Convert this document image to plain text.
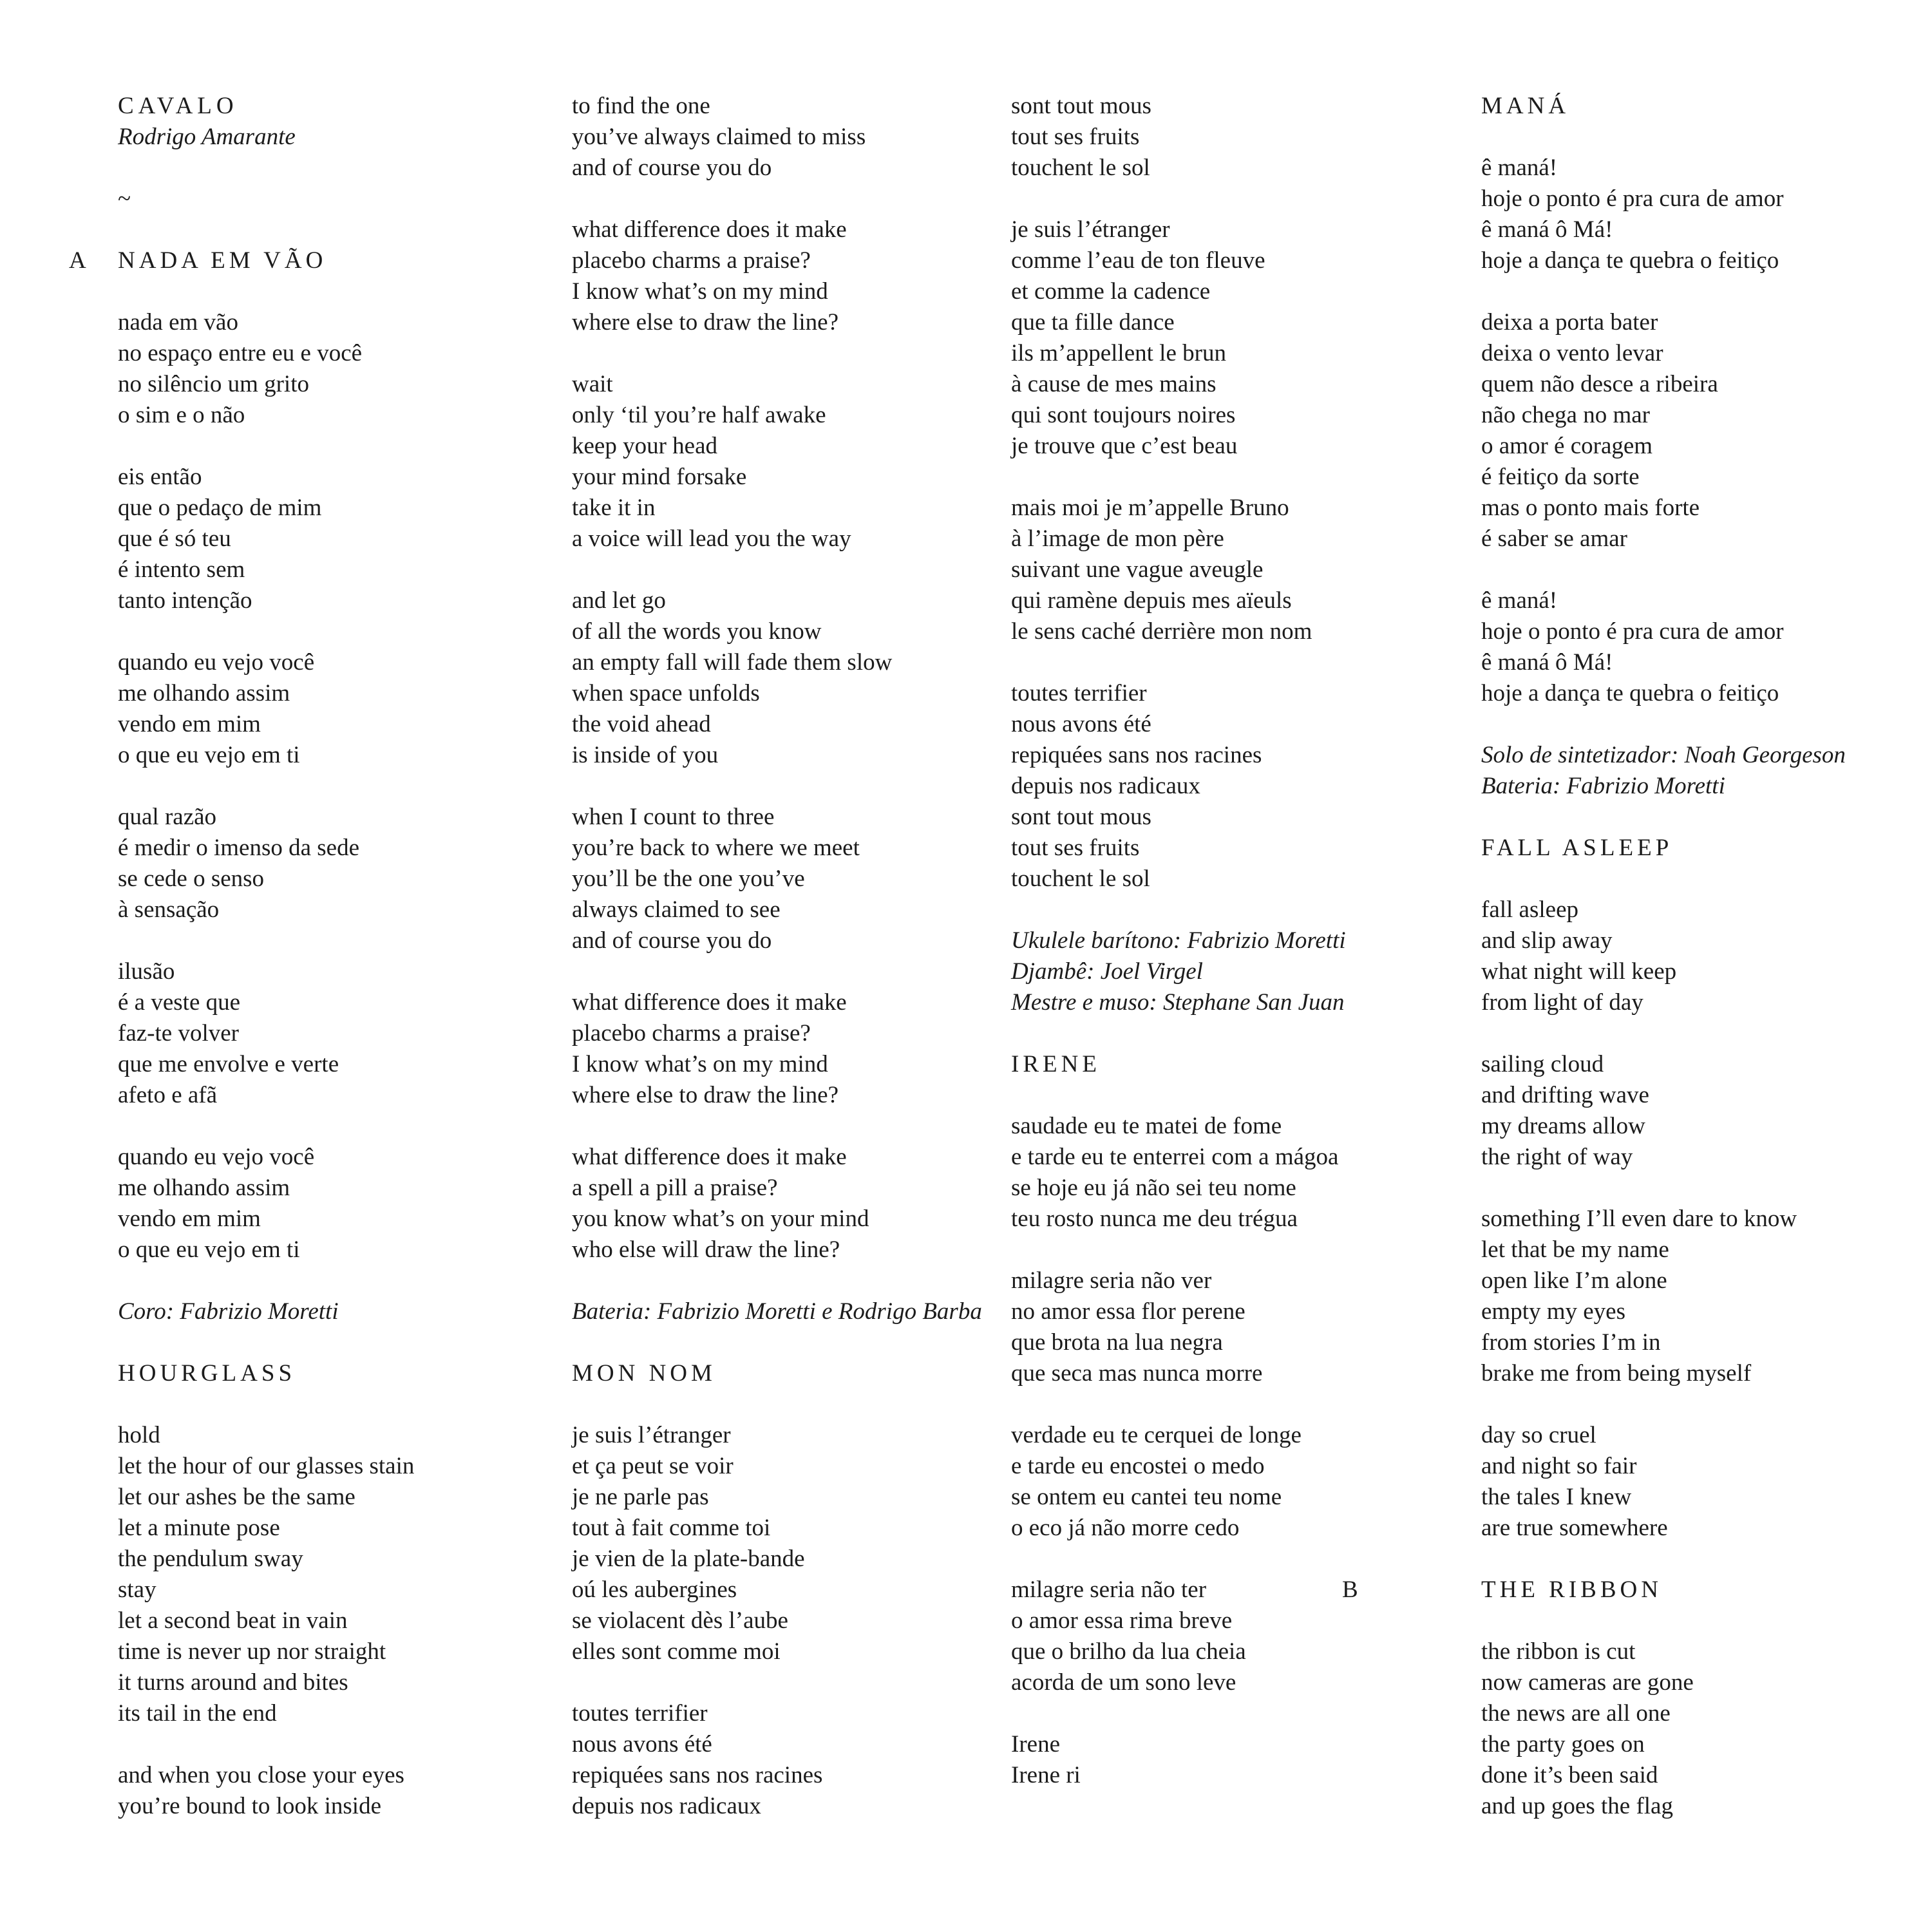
CAVALO
Rodrigo Amarante
~
A NADA EM VÃO
nada em vão
no espaço entre eu e você
no silêncio um grito
o sim e o não
eis então
que o pedaço de mim
que é só teu
é intento sem
tanto intenção
quando eu vejo você
me olhando assim
vendo em mim
o que eu vejo em ti
qual razão
é medir o imenso da sede
se cede o senso
à sensação
ilusão
é a veste que
faz-te volver
que me envolve e verte
afeto e afã
quando eu vejo você
me olhando assim
vendo em mim
o que eu vejo em ti
Coro: Fabrizio Moretti
HOURGLASS
hold
let the hour of our glasses stain
let our ashes be the same
let a minute pose
the pendulum sway
stay
let a second beat in vain
time is never up nor straight
it turns around and bites
its tail in the end
and when you close your eyes
you’re bound to look inside
to find the one
you’ve always claimed to miss
and of course you do
what difference does it make
placebo charms a praise?
I know what’s on my mind
where else to draw the line?
wait
only ‘til you’re half awake
keep your head
your mind forsake
take it in
a voice will lead you the way
and let go
of all the words you know
an empty fall will fade them slow
when space unfolds
the void ahead
is inside of you
when I count to three
you’re back to where we meet
you’ll be the one you’ve
always claimed to see
and of course you do
what difference does it make
placebo charms a praise?
I know what’s on my mind
where else to draw the line?
what difference does it make
a spell a pill a praise?
you know what’s on your mind
who else will draw the line?
Bateria: Fabrizio Moretti e Rodrigo Barba
MON NOM
je suis l’étranger
et ça peut se voir
je ne parle pas
tout à fait comme toi
je vien de la plate-bande
oú les aubergines
se violacent dès l’aube
elles sont comme moi
toutes terrifier
nous avons été
repiquées sans nos racines
depuis nos radicaux
sont tout mous
tout ses fruits
touchent le sol
je suis l’étranger
comme l’eau de ton fleuve
et comme la cadence
que ta fille dance
ils m’appellent le brun
à cause de mes mains
qui sont toujours noires
je trouve que c’est beau
mais moi je m’appelle Bruno
à l’image de mon père
suivant une vague aveugle
qui ramène depuis mes aïeuls
le sens caché derrière mon nom
toutes terrifier
nous avons été
repiquées sans nos racines
depuis nos radicaux
sont tout mous
tout ses fruits
touchent le sol
Ukulele barítono: Fabrizio Moretti
Djambê: Joel Virgel
Mestre e muso: Stephane San Juan
IRENE
saudade eu te matei de fome
e tarde eu te enterrei com a mágoa
se hoje eu já não sei teu nome
teu rosto nunca me deu trégua
milagre seria não ver
no amor essa flor perene
que brota na lua negra
que seca mas nunca morre
verdade eu te cerquei de longe
e tarde eu encostei o medo
se ontem eu cantei teu nome
o eco já não morre cedo
milagre seria não ter
o amor essa rima breve
que o brilho da lua cheia
acorda de um sono leve
Irene
Irene ri
MANÁ
ê maná!
hoje o ponto é pra cura de amor
ê maná ô Má!
hoje a dança te quebra o feitiço
deixa a porta bater
deixa o vento levar
quem não desce a ribeira
não chega no mar
o amor é coragem
é feitiço da sorte
mas o ponto mais forte
é saber se amar
ê maná!
hoje o ponto é pra cura de amor
ê maná ô Má!
hoje a dança te quebra o feitiço
Solo de sintetizador: Noah Georgeson
Bateria: Fabrizio Moretti
FALL ASLEEP
fall asleep
and slip away
what night will keep
from light of day
sailing cloud
and drifting wave
my dreams allow
the right of way
something I’ll even dare to know
let that be my name
open like I’m alone
empty my eyes
from stories I’m in
brake me from being myself
day so cruel
and night so fair
the tales I knew
are true somewhere
B	THE RIBBON
the ribbon is cut
now cameras are gone
the news are all one
the party goes on
done it’s been said
and up goes the flag
